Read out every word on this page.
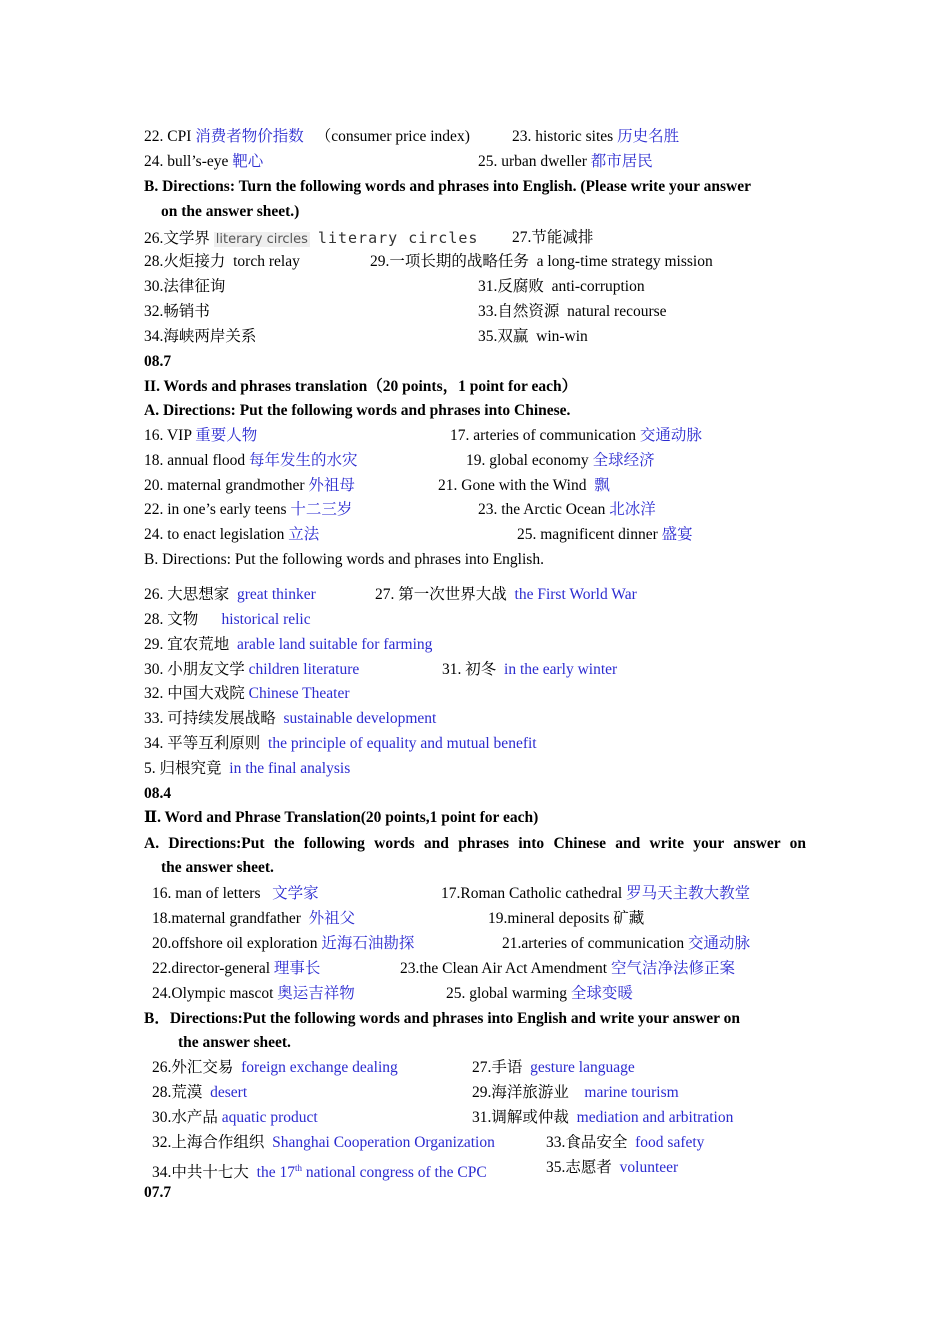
22. CPI 消费者物价指数 （consumer price index)	23. historic sites 历史名胜
24. bull’s-eye 靶心	25. urban dweller 都市居民
B. Directions: Turn the following words and phrases into English. (Please write your answer
on the answer sheet.)
26.文学界 literary circles literary circles 27.节能减排
28.火炬接力  torch relay	29.一项长期的战略任务  a long-time strategy mission
30.法律征询	31.反腐败  anti-corruption
32.畅销书	33.自然资源  natural recourse
34.海峡两岸关系	35.双赢  win-win
08.7
II. Words and phrases translation（20 points，1 point for each）
A. Directions: Put the following words and phrases into Chinese.
16. VIP 重要人物	17. arteries of communication 交通动脉
18. annual flood 每年发生的水灾	19. global economy 全球经济
20. maternal grandmother 外祖母	21. Gone with the Wind  飘
22. in one’s early teens 十二三岁	23. the Arctic Ocean 北冰洋
24. to enact legislation 立法	25. magnificent dinner 盛宴
B. Directions: Put the following words and phrases into English.
26. 大思想家  great thinker	27. 第一次世界大战  the First World War
28. 文物      historical relic
29. 宜农荒地  arable land suitable for farming
30. 小朋友文学 children literature	31. 初冬  in the early winter
32. 中国大戏院 Chinese Theater
33. 可持续发展战略  sustainable development
34. 平等互利原则  the principle of equality and mutual benefit
5. 归根究竟  in the final analysis
08.4
Ⅱ. Word and Phrase Translation(20 points,1 point for each)
A. Directions:Put the following words and phrases into Chinese and write your answer on
the answer sheet.
16. man of letters   文学家	17.Roman Catholic cathedral 罗马天主教大教堂
18.maternal grandfather  外祖父	19.mineral deposits 矿藏
20.offshore oil exploration 近海石油勘探	21.arteries of communication 交通动脉
22.director-general 理事长	23.the Clean Air Act Amendment 空气洁净法修正案
24.Olympic mascot 奥运吉祥物	25. global warming 全球变暖
B．Directions:Put the following words and phrases into English and write your answer on
the answer sheet.
26.外汇交易  foreign exchange dealing	27.手语  gesture language
28.荒漠  desert	29.海洋旅游业    marine tourism
30.水产品 aquatic product	31.调解或仲裁  mediation and arbitration
32.上海合作组织  Shanghai Cooperation Organization	33.食品安全  food safety
34.中共十七大  the 17th national congress of the CPC	35.志愿者  volunteer
07.7
